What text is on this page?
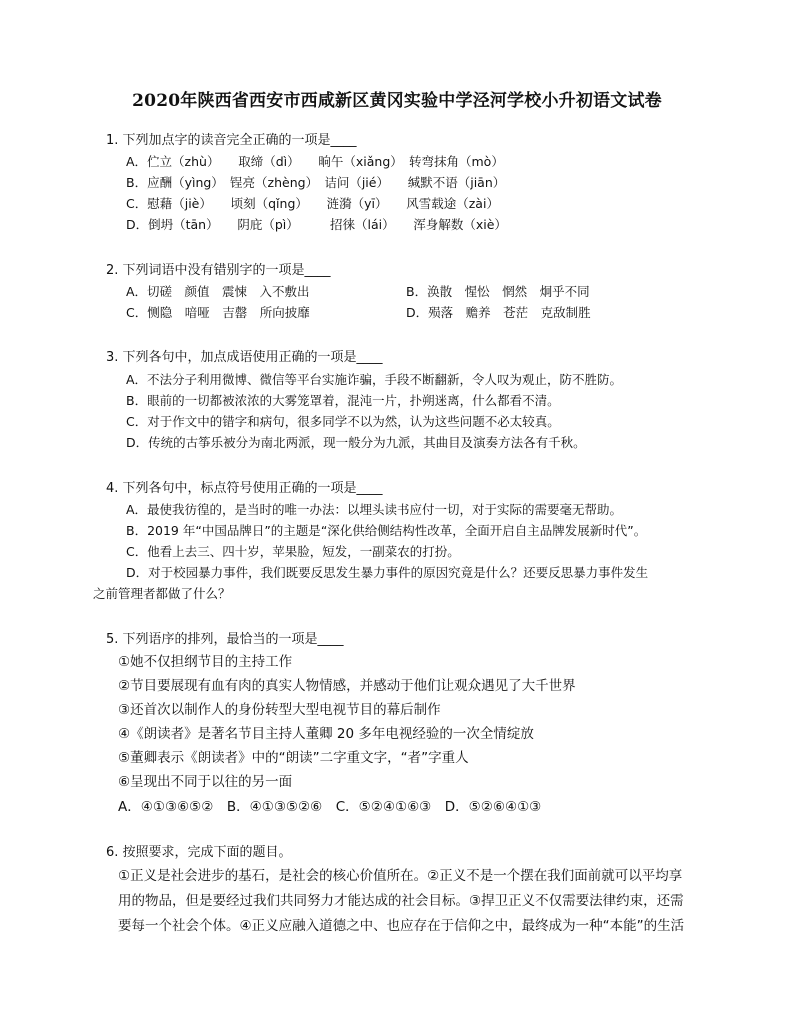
2020年陕西省西安市西咸新区黄冈实验中学泾河学校小升初语文试卷
1. 下列加点字的读音完全正确的一项是____
A．伫立（zhù）　　取缔（dì）　　晌午（xiǎng）　转弯抹角（mò）
B．应酬（yìng）　锃亮（zhèng）　诘问（jié）　　缄默不语（jiān）
C．慰藉（jiè）　　顷刻（qǐng）　　涟漪（yī）　　风雪载途（zài）
D．倒坍（tān）　　阴庇（pì）　　　招徕（lái）　　浑身解数（xiè）
2. 下列词语中没有错别字的一项是____
A．切磋　颜值　震悚　入不敷出	B．涣散　惺忪　惘然　炯乎不同
C．恻隐　喑哑　吉罄　所向披靡	D．殒落　赡养　苍茫　克敌制胜
3. 下列各句中，加点成语使用正确的一项是____
A．不法分子利用微博、微信等平台实施诈骗，手段不断翻新，令人叹为观止，防不胜防。
B．眼前的一切都被浓浓的大雾笼罩着，混沌一片，扑朔迷离，什么都看不清。
C．对于作文中的错字和病句，很多同学不以为然，认为这些问题不必太较真。
D．传统的古筝乐被分为南北两派，现一般分为九派，其曲目及演奏方法各有千秋。
4. 下列各句中，标点符号使用正确的一项是____
A．最使我彷徨的，是当时的唯一办法：以埋头读书应付一切，对于实际的需要毫无帮助。
B．2019 年“中国品牌日”的主题是“深化供给侧结构性改革，全面开启自主品牌发展新时代”。
C．他看上去三、四十岁，苹果脸，短发，一副菜农的打扮。
D．对于校园暴力事件，我们既要反思发生暴力事件的原因究竟是什么？还要反思暴力事件发生
之前管理者都做了什么？
5. 下列语序的排列，最恰当的一项是____
①她不仅担纲节目的主持工作
②节目要展现有血有肉的真实人物情感，并感动于他们让观众遇见了大千世界
③还首次以制作人的身份转型大型电视节目的幕后制作
④《朗读者》是著名节目主持人董卿 20 多年电视经验的一次全情绽放
⑤董卿表示《朗读者》中的“朗读”二字重文字，“者”字重人
⑥呈现出不同于以往的另一面
A．④①③⑥⑤②　B．④①③⑤②⑥　C．⑤②④①⑥③　D．⑤②⑥④①③
6. 按照要求，完成下面的题目。
①正义是社会进步的基石，是社会的核心价值所在。②正义不是一个摆在我们面前就可以平均享
用的物品，但是要经过我们共同努力才能达成的社会目标。③捍卫正义不仅需要法律约束，还需
要每一个社会个体。④正义应融入道德之中、也应存在于信仰之中，最终成为一种“本能”的生活
